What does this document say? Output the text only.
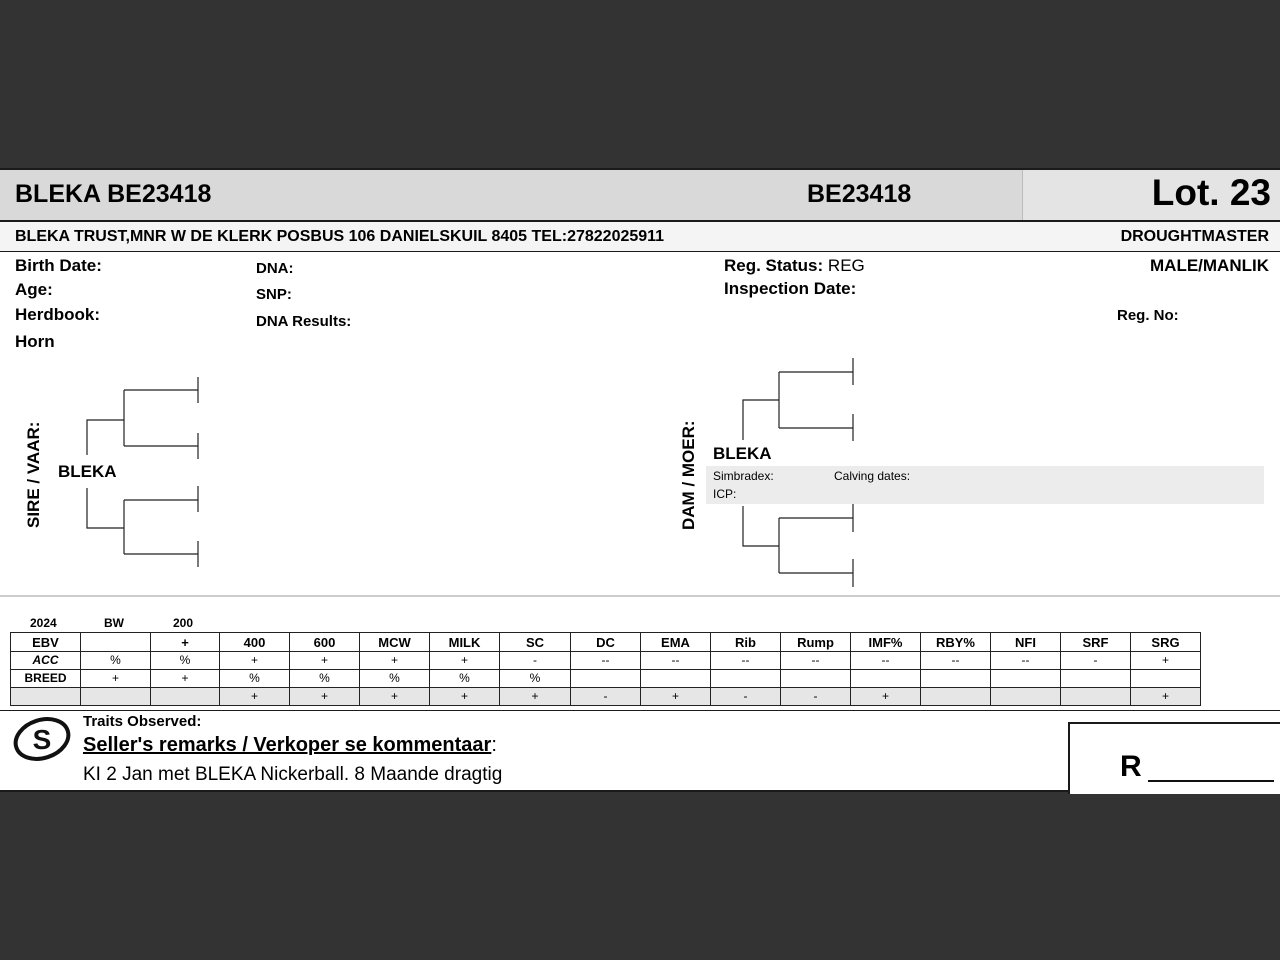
BLEKA BE23418	BE23418	Lot. 23
BLEKA TRUST,MNR W DE KLERK POSBUS 106 DANIELSKUIL 8405 TEL:27822025911	DROUGHTMASTER
Birth Date:
Age:
Herdbook:
Horn
DNA:
SNP:
DNA Results:
Reg. Status: REG
Inspection Date:
MALE/MANLIK
Reg. No:
SIRE / VAAR: BLEKA	DAM / MOER: BLEKA
Simbradex:	Calving dates:
ICP:
2024	BW	200
EBV		+	400	600	MCW	MILK	SC	DC	EMA	Rib	Rump	IMF%	RBY%	NFI	SRF	SRG
ACC	%	%	+	+	+	+	-	--	--	--	--	--	--	--	-	+
BREED	+	+	%	%	%	%	%									
			+	+	+	+	+	-	+	-	-	+				+
S
Traits Observed:
Seller's remarks / Verkoper se kommentaar:
KI 2 Jan met BLEKA Nickerball. 8 Maande dragtig	R
